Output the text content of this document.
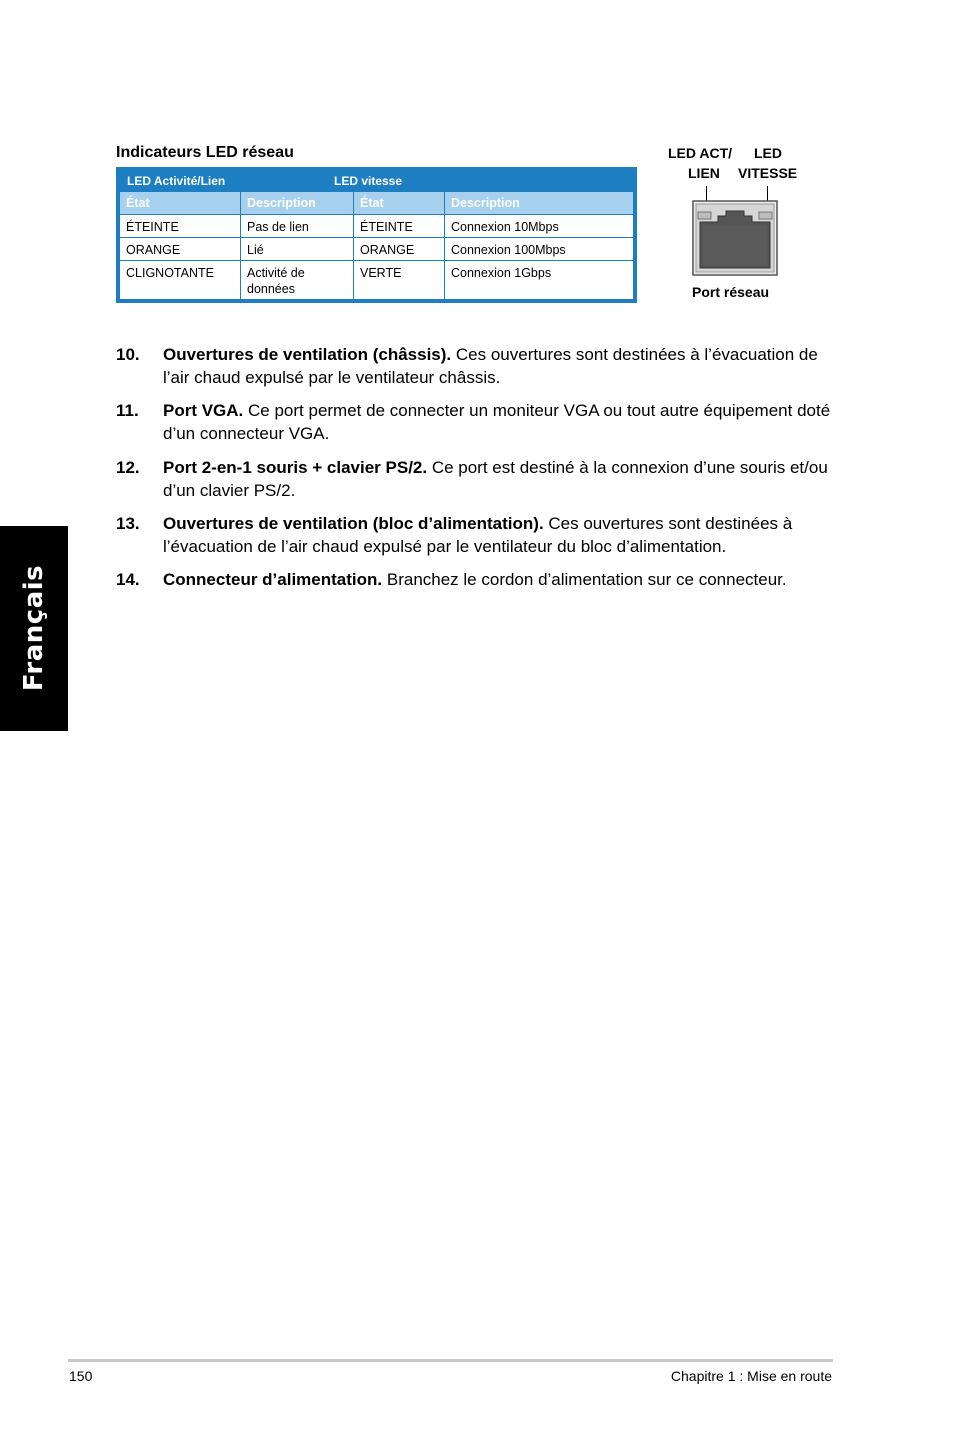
Français
Indicateurs LED réseau
LED Activité/Lien	LED vitesse
État	Description	État	Description
ÉTEINTE	Pas de lien	ÉTEINTE	Connexion 10Mbps
ORANGE	Lié	ORANGE	Connexion 100Mbps
CLIGNOTANTE	Activité de données	VERTE	Connexion 1Gbps
LED ACT/
LIEN
LED
VITESSE
Port réseau
10. Ouvertures de ventilation (châssis). Ces ouvertures sont destinées à l’évacuation de l’air chaud expulsé par le ventilateur châssis.
11. Port VGA. Ce port permet de connecter un moniteur VGA ou tout autre équipement doté d’un connecteur VGA.
12. Port 2-en-1 souris + clavier PS/2. Ce port est destiné à la connexion d’une souris et/ou d’un clavier PS/2.
13. Ouvertures de ventilation (bloc d’alimentation). Ces ouvertures sont destinées à l’évacuation de l’air chaud expulsé par le ventilateur du bloc d’alimentation.
14. Connecteur d’alimentation. Branchez le cordon d’alimentation sur ce connecteur.
150	Chapitre 1 : Mise en route
